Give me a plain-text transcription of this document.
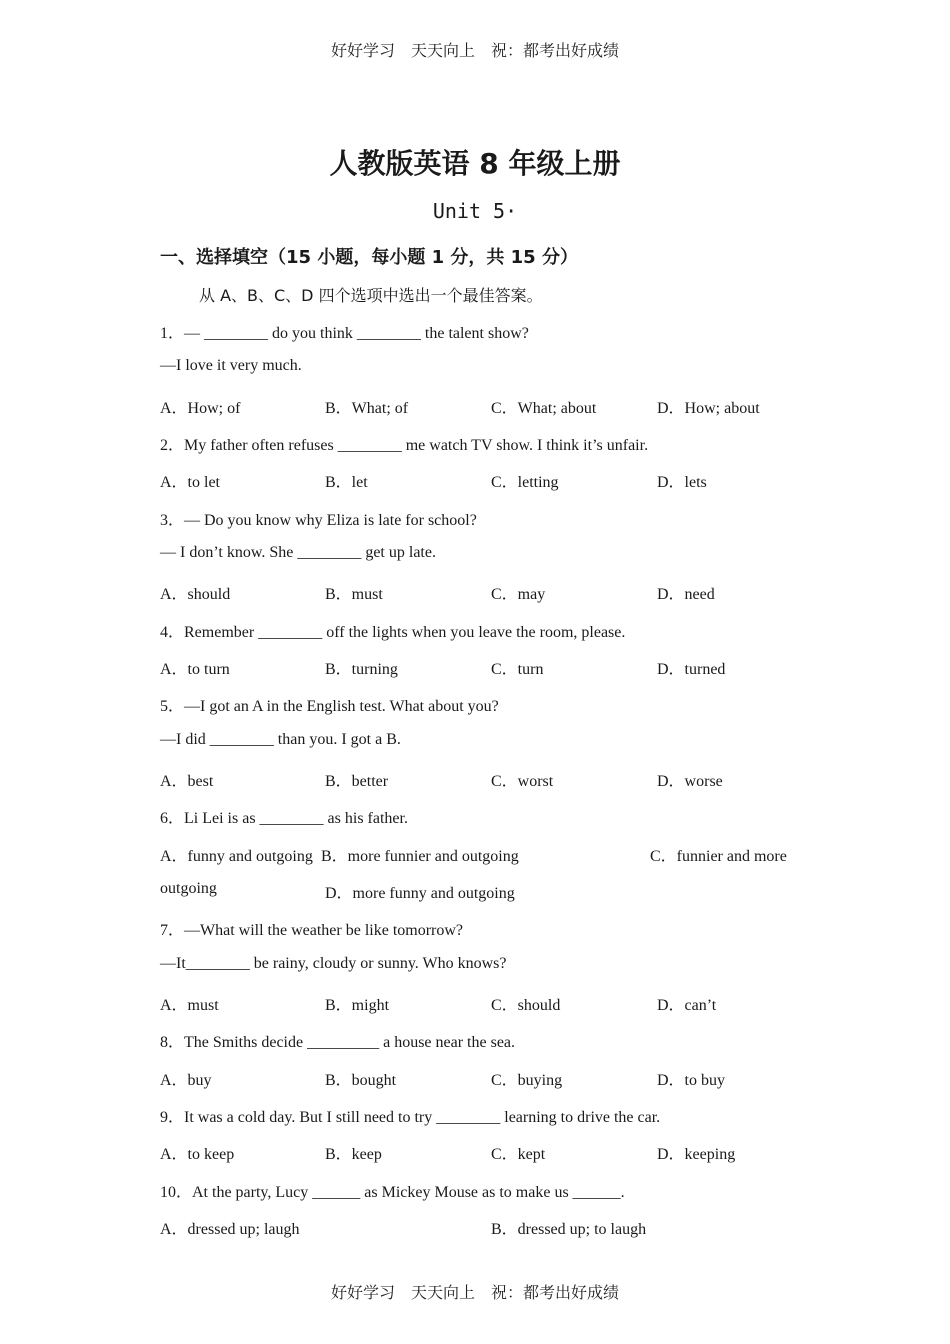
好好学习　天天向上　祝：都考出好成绩
人教版英语 8 年级上册
Unit 5·
一、选择填空（15 小题，每小题 1 分，共 15 分）
从 A、B、C、D 四个选项中选出一个最佳答案。
1．— ________ do you think ________ the talent show?
—I love it very much.
A．How; of	B．What; of	C．What; about	D．How; about
2．My father often refuses ________ me watch TV show. I think it’s unfair.
A．to let	B．let	C．letting	D．lets
3．— Do you know why Eliza is late for school?
— I don’t know. She ________ get up late.
A．should	B．must	C．may	D．need
4．Remember ________ off the lights when you leave the room, please.
A．to turn	B．turning	C．turn	D．turned
5．—I got an A in the English test. What about you?
—I did ________ than you. I got a B.
A．best	B．better	C．worst	D．worse
6．Li Lei is as ________ as his father.
A．funny and outgoing B．more funnier and outgoing	C．funnier and more
outgoing	D．more funny and outgoing
7．—What will the weather be like tomorrow?
—It________ be rainy, cloudy or sunny. Who knows?
A．must	B．might	C．should	D．can’t
8．The Smiths decide _________ a house near the sea.
A．buy	B．bought	C．buying	D．to buy
9．It was a cold day. But I still need to try ________ learning to drive the car.
A．to keep	B．keep	C．kept	D．keeping
10．At the party, Lucy ______ as Mickey Mouse as to make us ______.
A．dressed up; laugh	B．dressed up; to laugh
好好学习　天天向上　祝：都考出好成绩
